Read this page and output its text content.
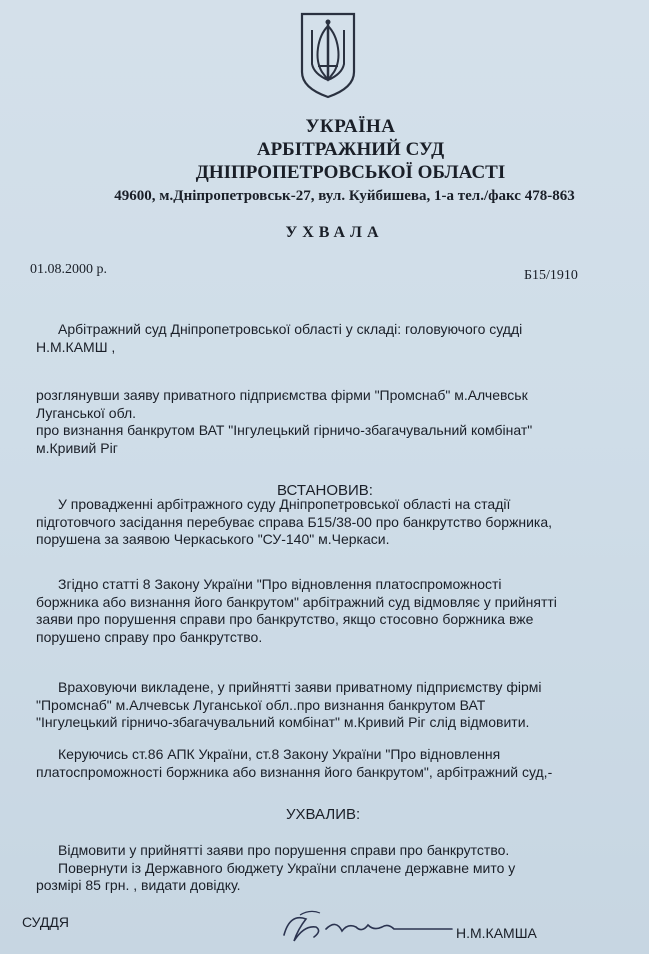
УКРАЇНА
АРБІТРАЖНИЙ СУД
ДНІПРОПЕТРОВСЬКОЇ ОБЛАСТІ
49600, м.Дніпропетровськ-27, вул. Куйбишева, 1-а тел./факс 478-863
УХВАЛА
01.08.2000 р.	Б15/1910
Арбітражний суд Дніпропетровської області у складі: головуючого судді
Н.М.КАМШ ,
розглянувши заяву приватного підприємства фірми "Промснаб" м.Алчевськ
Луганської обл.
про визнання банкрутом ВАТ "Інгулецький гірничо-збагачувальний комбінат"
м.Кривий Ріг
ВСТАНОВИВ:
У провадженні арбітражного суду Дніпропетровської області на стадії
підготовчого засідання перебуває справа Б15/38-00 про банкрутство боржника,
порушена за заявою Черкаського "СУ-140" м.Черкаси.
Згідно статті 8 Закону України "Про відновлення платоспроможності
боржника або визнання його банкрутом" арбітражний суд відмовляє у прийнятті
заяви про порушення справи про банкрутство, якщо стосовно боржника вже
порушено справу про банкрутство.
Враховуючи викладене, у прийнятті заяви приватному підприємству фірмі
"Промснаб" м.Алчевськ Луганської обл..про визнання банкрутом ВАТ
"Інгулецький гірничо-збагачувальний комбінат" м.Кривий Ріг слід відмовити.
Керуючись ст.86 АПК України, ст.8 Закону України "Про відновлення
платоспроможності боржника або визнання його банкрутом", арбітражний суд,-
УХВАЛИВ:
Відмовити у прийнятті заяви про порушення справи про банкрутство.
Повернути із Державного бюджету України сплачене державне мито у
розмірі 85 грн. , видати довідку.
СУДДЯ
Н.М.КАМША
